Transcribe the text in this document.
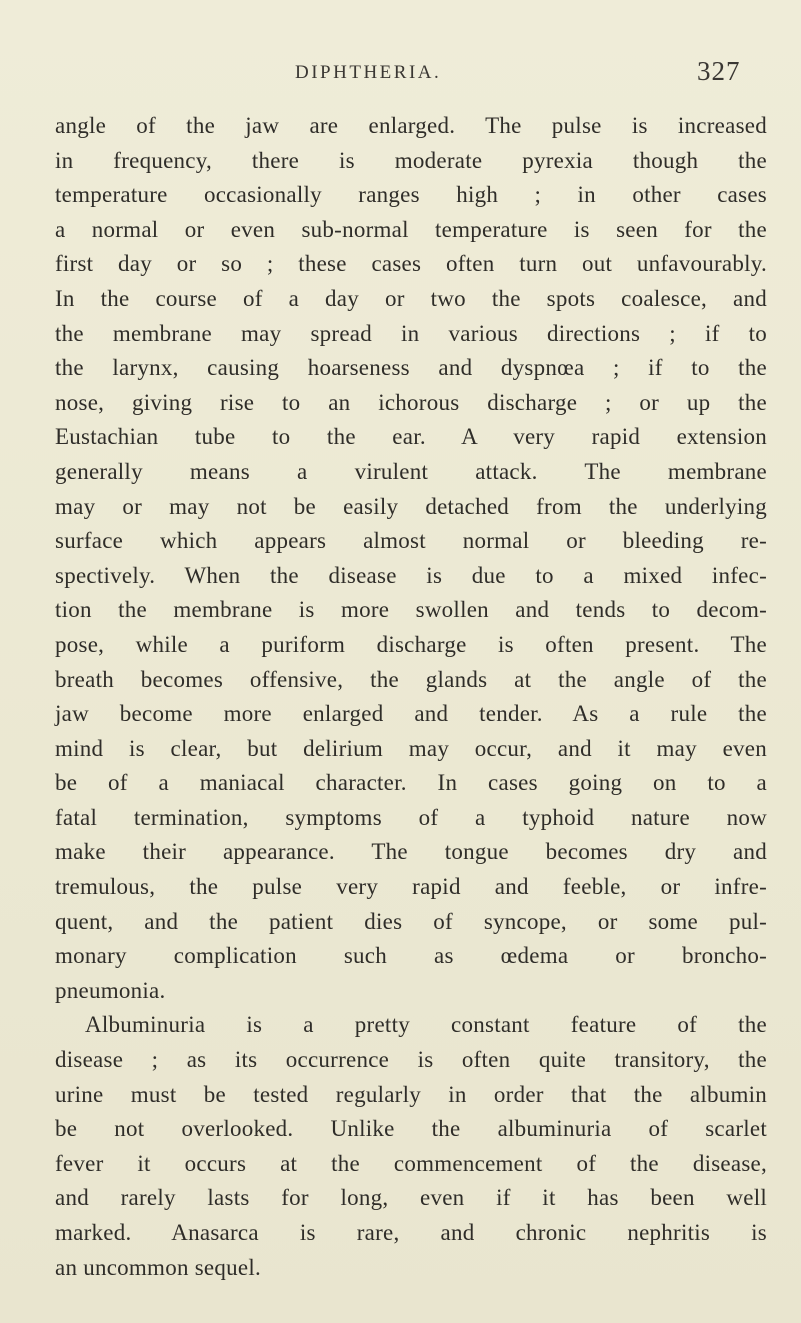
DIPHTHERIA.	327
angle of the jaw are enlarged. The pulse is increased
in frequency, there is moderate pyrexia though the
temperature occasionally ranges high ; in other cases
a normal or even sub-normal temperature is seen for the
first day or so ; these cases often turn out unfavourably.
In the course of a day or two the spots coalesce, and
the membrane may spread in various directions ; if to
the larynx, causing hoarseness and dyspnœa ; if to the
nose, giving rise to an ichorous discharge ; or up the
Eustachian tube to the ear. A very rapid extension
generally means a virulent attack. The membrane
may or may not be easily detached from the underlying
surface which appears almost normal or bleeding re-
spectively. When the disease is due to a mixed infec-
tion the membrane is more swollen and tends to decom-
pose, while a puriform discharge is often present. The
breath becomes offensive, the glands at the angle of the
jaw become more enlarged and tender. As a rule the
mind is clear, but delirium may occur, and it may even
be of a maniacal character. In cases going on to a
fatal termination, symptoms of a typhoid nature now
make their appearance. The tongue becomes dry and
tremulous, the pulse very rapid and feeble, or infre-
quent, and the patient dies of syncope, or some pul-
monary complication such as œdema or broncho-
pneumonia.
Albuminuria is a pretty constant feature of the
disease ; as its occurrence is often quite transitory, the
urine must be tested regularly in order that the albumin
be not overlooked. Unlike the albuminuria of scarlet
fever it occurs at the commencement of the disease,
and rarely lasts for long, even if it has been well
marked. Anasarca is rare, and chronic nephritis is
an uncommon sequel.
